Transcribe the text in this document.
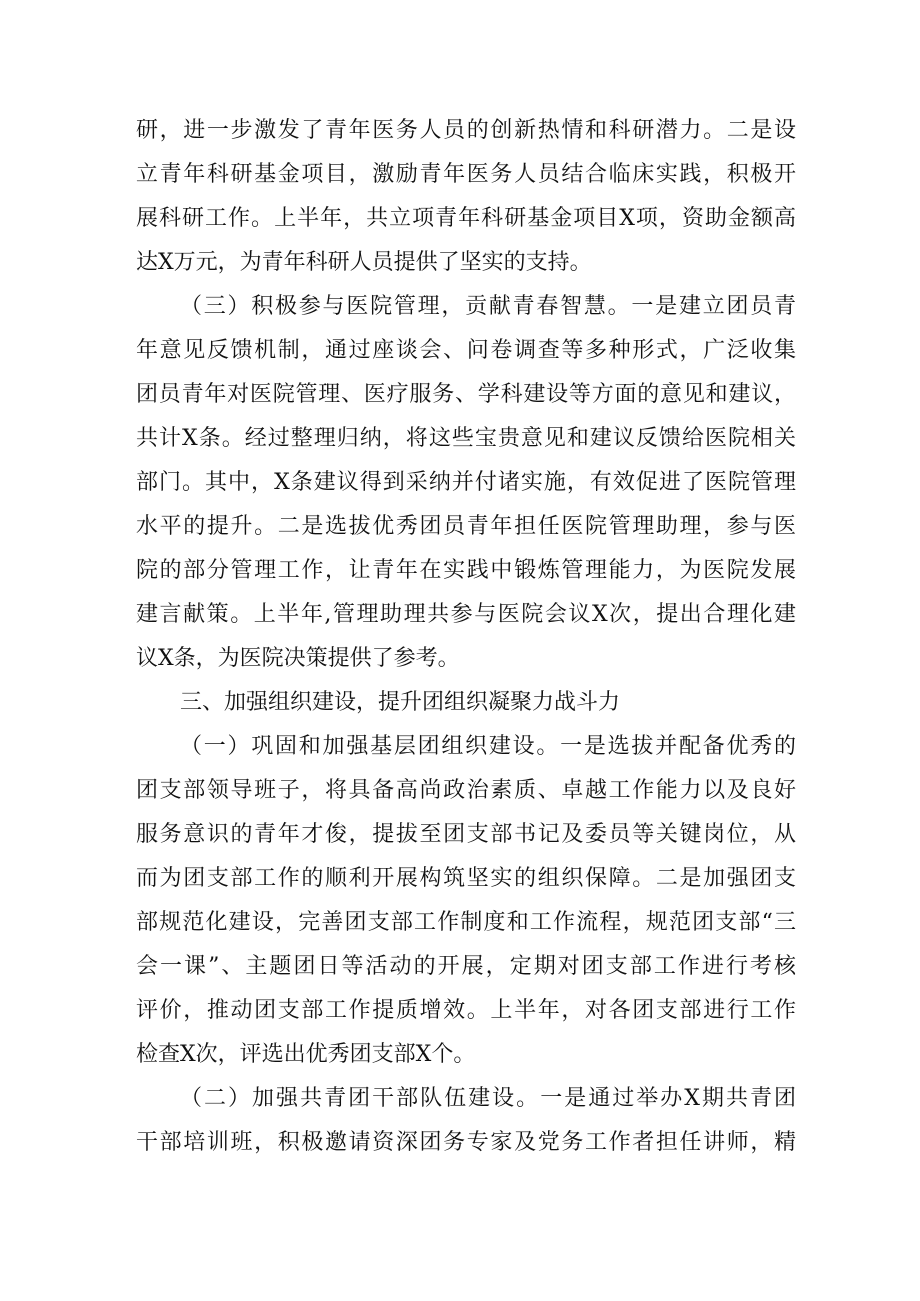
研，进一步激发了青年医务人员的创新热情和科研潜力。二是设
立青年科研基金项目，激励青年医务人员结合临床实践，积极开
展科研工作。上半年，共立项青年科研基金项目X项，资助金额高
达X万元，为青年科研人员提供了坚实的支持。
（三）积极参与医院管理，贡献青春智慧。一是建立团员青
年意见反馈机制，通过座谈会、问卷调查等多种形式，广泛收集
团员青年对医院管理、医疗服务、学科建设等方面的意见和建议，
共计X条。经过整理归纳，将这些宝贵意见和建议反馈给医院相关
部门。其中，X条建议得到采纳并付诸实施，有效促进了医院管理
水平的提升。二是选拔优秀团员青年担任医院管理助理，参与医
院的部分管理工作，让青年在实践中锻炼管理能力，为医院发展
建言献策。上半年,管理助理共参与医院会议X次，提出合理化建
议X条，为医院决策提供了参考。
三、加强组织建设，提升团组织凝聚力战斗力
（一）巩固和加强基层团组织建设。一是选拔并配备优秀的
团支部领导班子，将具备高尚政治素质、卓越工作能力以及良好
服务意识的青年才俊，提拔至团支部书记及委员等关键岗位，从
而为团支部工作的顺利开展构筑坚实的组织保障。二是加强团支
部规范化建设，完善团支部工作制度和工作流程，规范团支部“三
会一课”、主题团日等活动的开展，定期对团支部工作进行考核
评价，推动团支部工作提质增效。上半年，对各团支部进行工作
检查X次，评选出优秀团支部X个。
（二）加强共青团干部队伍建设。一是通过举办X期共青团
干部培训班，积极邀请资深团务专家及党务工作者担任讲师，精
